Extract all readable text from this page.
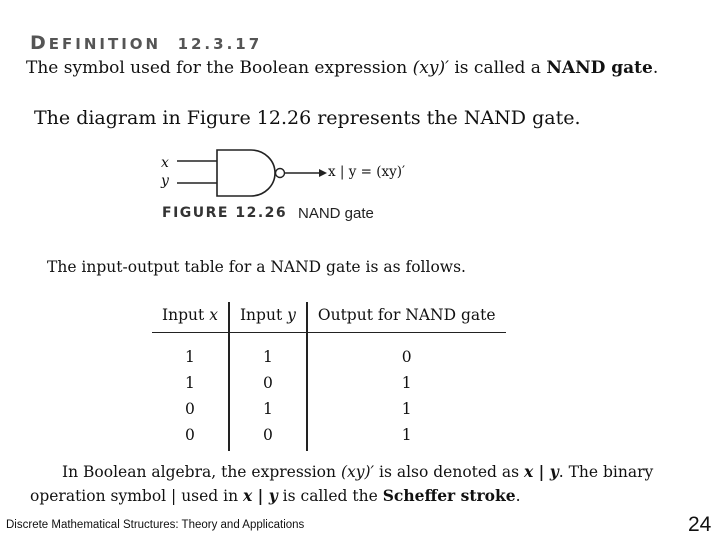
DEFINITION 12.3.17
The symbol used for the Boolean expression (xy)′ is called a NAND gate.
The diagram in Figure 12.26 represents the NAND gate.
x
y
x | y = (xy)′
FIGURE 12.26 NAND gate
The input-output table for a NAND gate is as follows.
Input x	Input y	Output for NAND gate
1	1	0
1	0	1
0	1	1
0	0	1
In Boolean algebra, the expression (xy)′ is also denoted as x | y. The binary
operation symbol | used in x | y is called the Scheffer stroke.
Discrete Mathematical Structures: Theory and Applications	24
